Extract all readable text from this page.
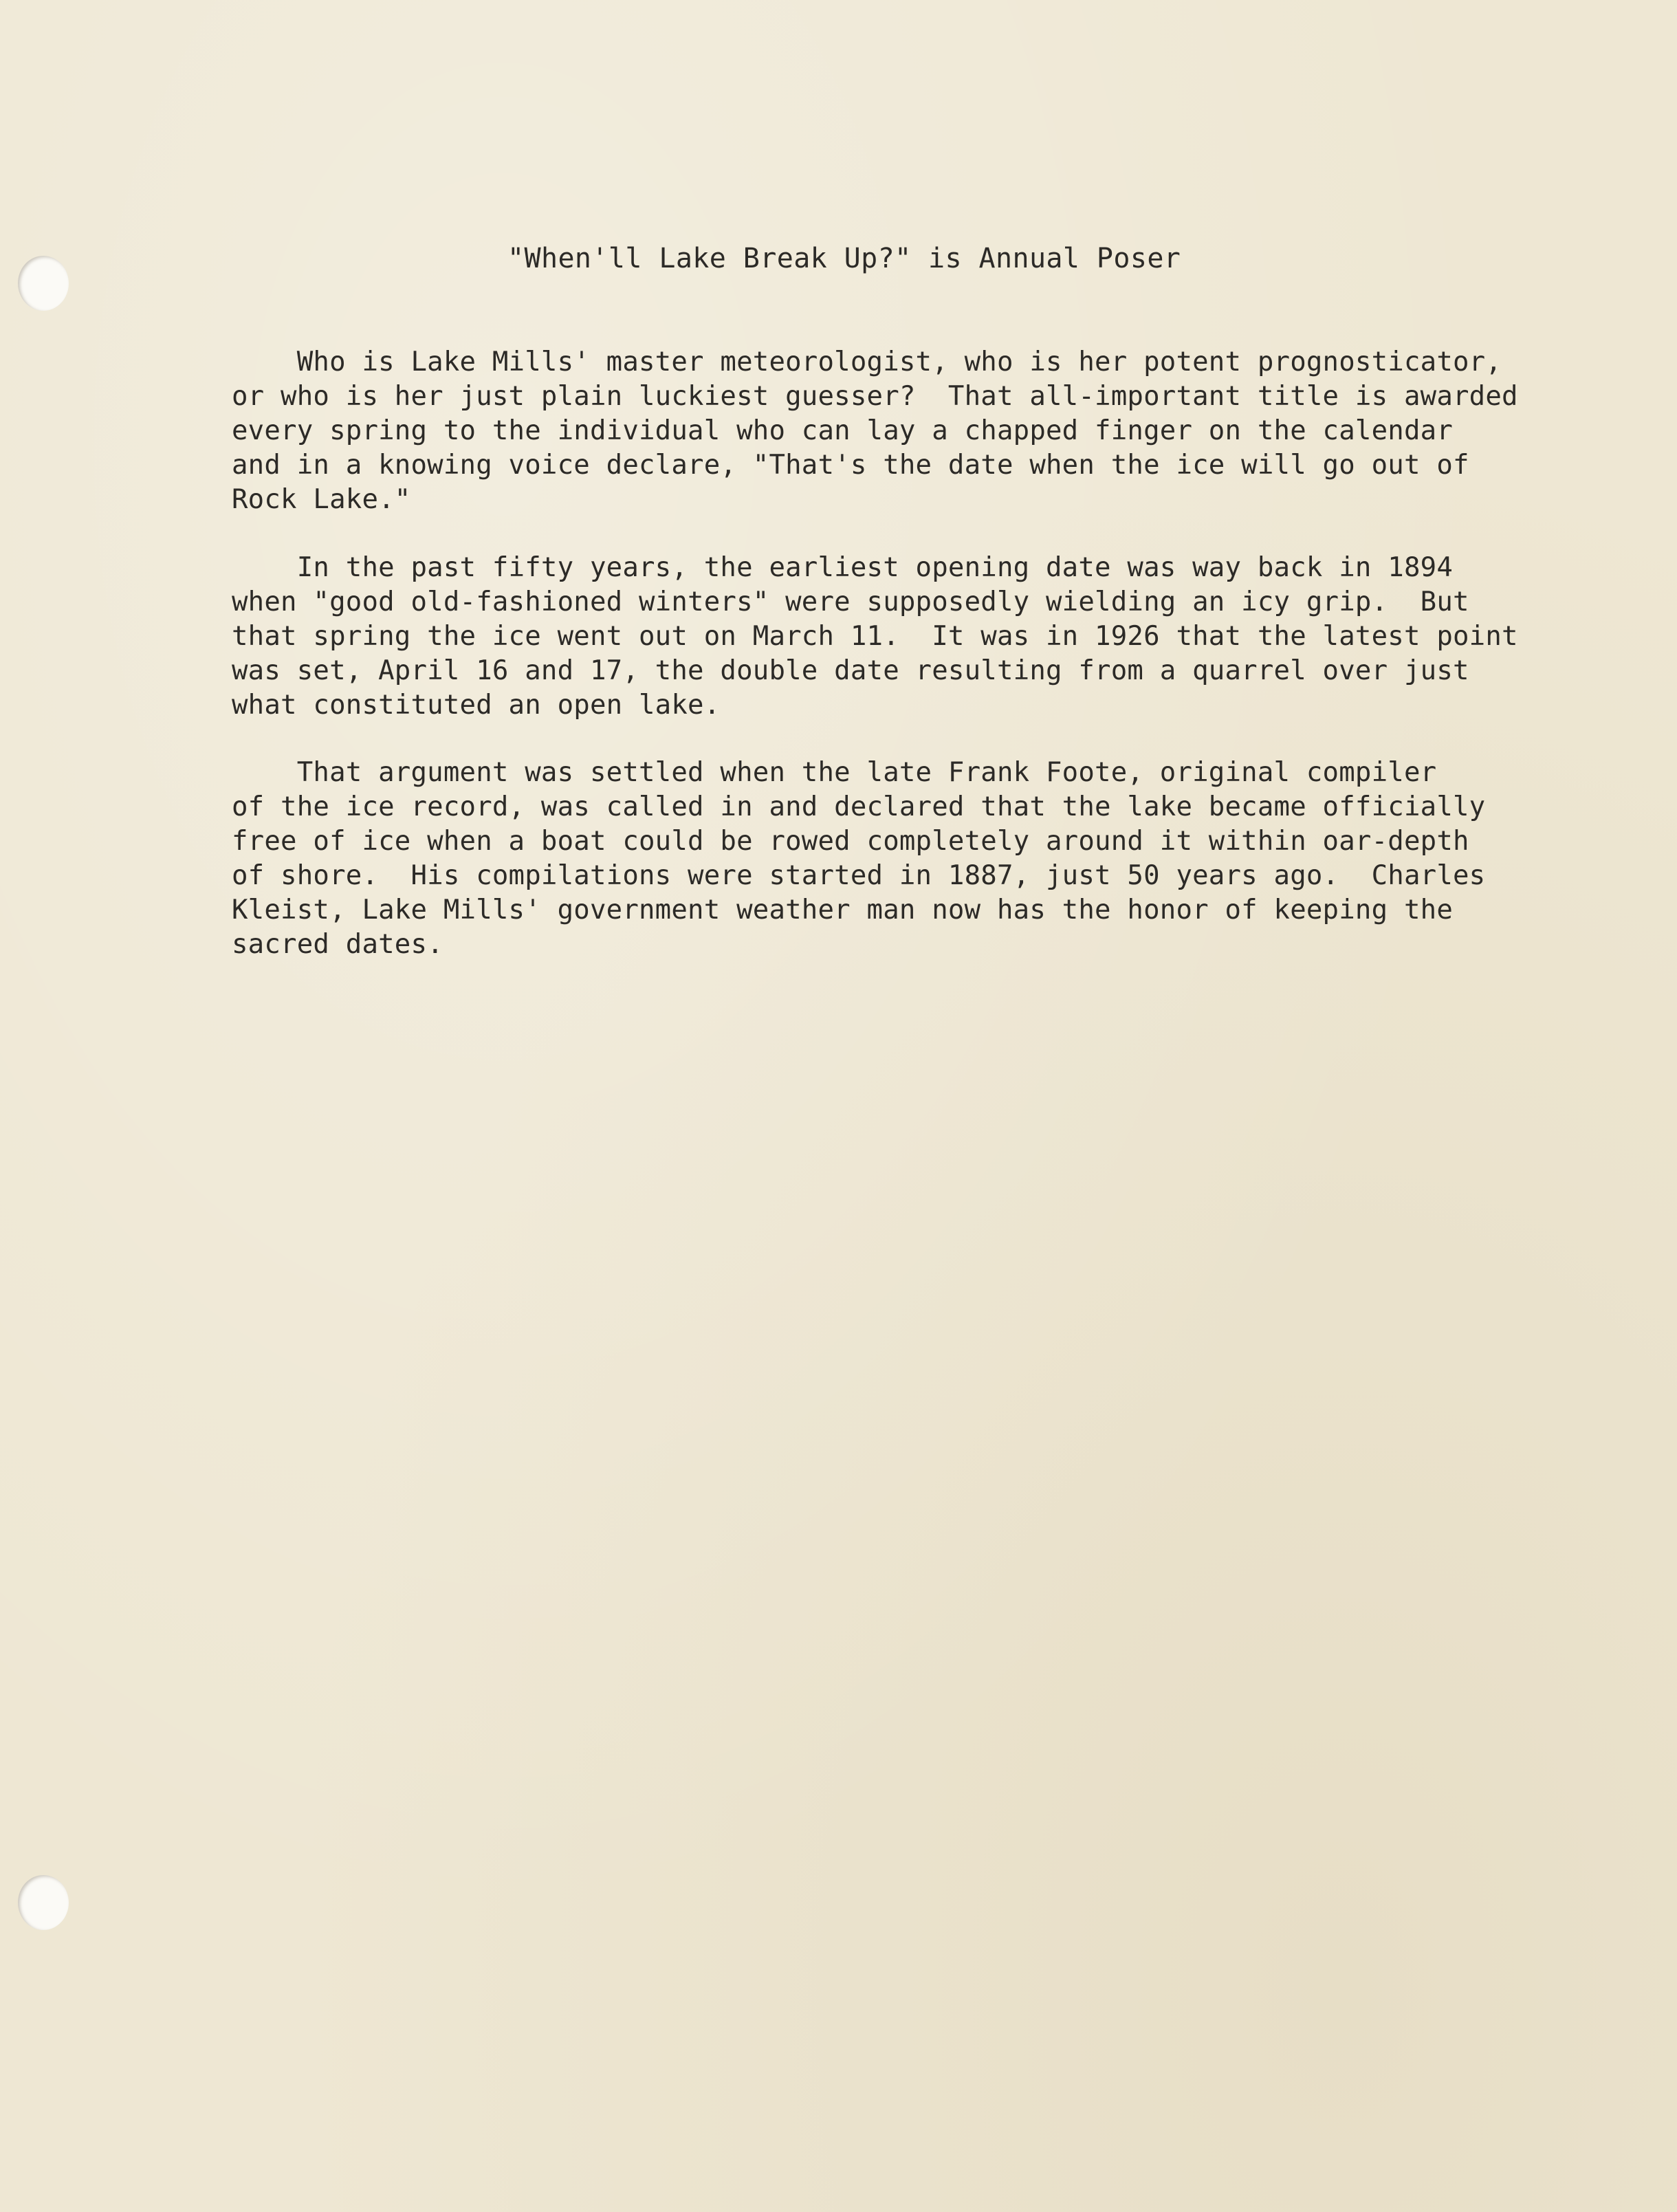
"When'll Lake Break Up?" is Annual Poser
Who is Lake Mills' master meteorologist, who is her potent prognosticator,
or who is her just plain luckiest guesser?  That all-important title is awarded
every spring to the individual who can lay a chapped finger on the calendar
and in a knowing voice declare, "That's the date when the ice will go out of
Rock Lake."
In the past fifty years, the earliest opening date was way back in 1894
when "good old-fashioned winters" were supposedly wielding an icy grip.  But
that spring the ice went out on March 11.  It was in 1926 that the latest point
was set, April 16 and 17, the double date resulting from a quarrel over just
what constituted an open lake.
That argument was settled when the late Frank Foote, original compiler
of the ice record, was called in and declared that the lake became officially
free of ice when a boat could be rowed completely around it within oar-depth
of shore.  His compilations were started in 1887, just 50 years ago.  Charles
Kleist, Lake Mills' government weather man now has the honor of keeping the
sacred dates.
